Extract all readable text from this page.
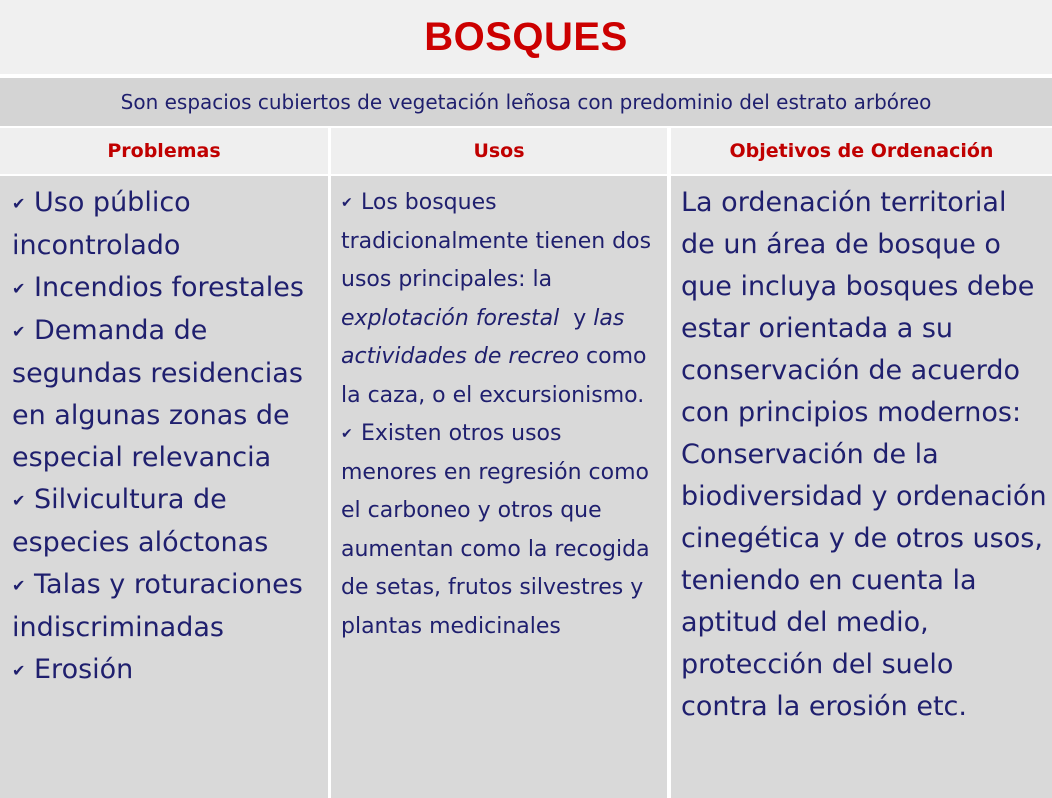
BOSQUES
Son espacios cubiertos de vegetación leñosa con predominio del estrato arbóreo
Problemas	Usos	Objetivos de Ordenación
✔ Uso público incontrolado
✔ Incendios forestales
✔ Demanda de segundas residencias en algunas zonas de especial relevancia
✔ Silvicultura de especies alóctonas
✔ Talas y roturaciones indiscriminadas
✔ Erosión
✔ Los bosques tradicionalmente tienen dos usos principales: la explotación forestal  y las actividades de recreo como la caza, o el excursionismo.
✔ Existen otros usos menores en regresión como el carboneo y otros que aumentan como la recogida de setas, frutos silvestres y plantas medicinales

La ordenación territorial de un área de bosque o que incluya bosques debe estar orientada a su conservación de acuerdo con principios modernos: Conservación de la biodiversidad y ordenación cinegética y de otros usos, teniendo en cuenta la aptitud del medio, protección del suelo contra la erosión etc.
